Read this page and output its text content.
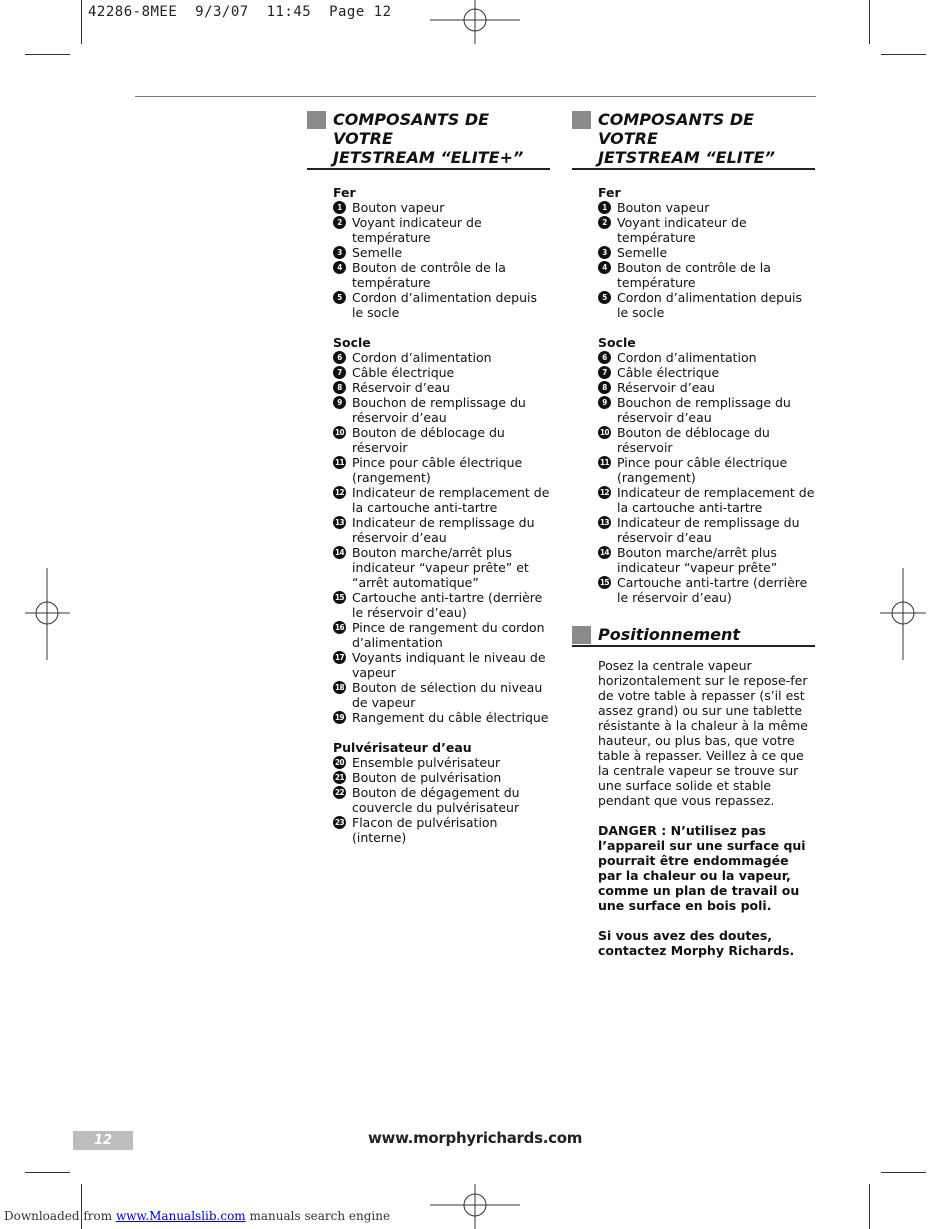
42286-8MEE  9/3/07  11:45  Page 12
COMPOSANTS DE VOTRE
JETSTREAM “ELITE+”
Fer
1 Bouton vapeur
2 Voyant indicateur de température
3 Semelle
4 Bouton de contrôle de la température
5 Cordon d’alimentation depuis le socle
Socle
6 Cordon d’alimentation
7 Câble électrique
8 Réservoir d’eau
9 Bouchon de remplissage du réservoir d’eau
10 Bouton de déblocage du réservoir
11 Pince pour câble électrique (rangement)
12 Indicateur de remplacement de la cartouche anti-tartre
13 Indicateur de remplissage du réservoir d’eau
14 Bouton marche/arrêt plus indicateur “vapeur prête” et “arrêt automatique”
15 Cartouche anti-tartre (derrière le réservoir d’eau)
16 Pince de rangement du cordon d’alimentation
17 Voyants indiquant le niveau de vapeur
18 Bouton de sélection du niveau de vapeur
19 Rangement du câble électrique
Pulvérisateur d’eau
20 Ensemble pulvérisateur
21 Bouton de pulvérisation
22 Bouton de dégagement du couvercle du pulvérisateur
23 Flacon de pulvérisation (interne)
COMPOSANTS DE VOTRE
JETSTREAM “ELITE”
Fer
1 Bouton vapeur
2 Voyant indicateur de température
3 Semelle
4 Bouton de contrôle de la température
5 Cordon d’alimentation depuis le socle
Socle
6 Cordon d’alimentation
7 Câble électrique
8 Réservoir d’eau
9 Bouchon de remplissage du réservoir d’eau
10 Bouton de déblocage du réservoir
11 Pince pour câble électrique (rangement)
12 Indicateur de remplacement de la cartouche anti-tartre
13 Indicateur de remplissage du réservoir d’eau
14 Bouton marche/arrêt plus indicateur “vapeur prête”
15 Cartouche anti-tartre (derrière le réservoir d’eau)
Positionnement
Posez la centrale vapeur horizontalement sur le repose-fer de votre table à repasser (s’il est assez grand) ou sur une tablette résistante à la chaleur à la même hauteur, ou plus bas, que votre table à repasser. Veillez à ce que la centrale vapeur se trouve sur une surface solide et stable pendant que vous repassez.
DANGER : N’utilisez pas l’appareil sur une surface qui pourrait être endommagée par la chaleur ou la vapeur, comme un plan de travail ou une surface en bois poli.
Si vous avez des doutes, contactez Morphy Richards.
12	www.morphyrichards.com
Downloaded from www.Manualslib.com manuals search engine
